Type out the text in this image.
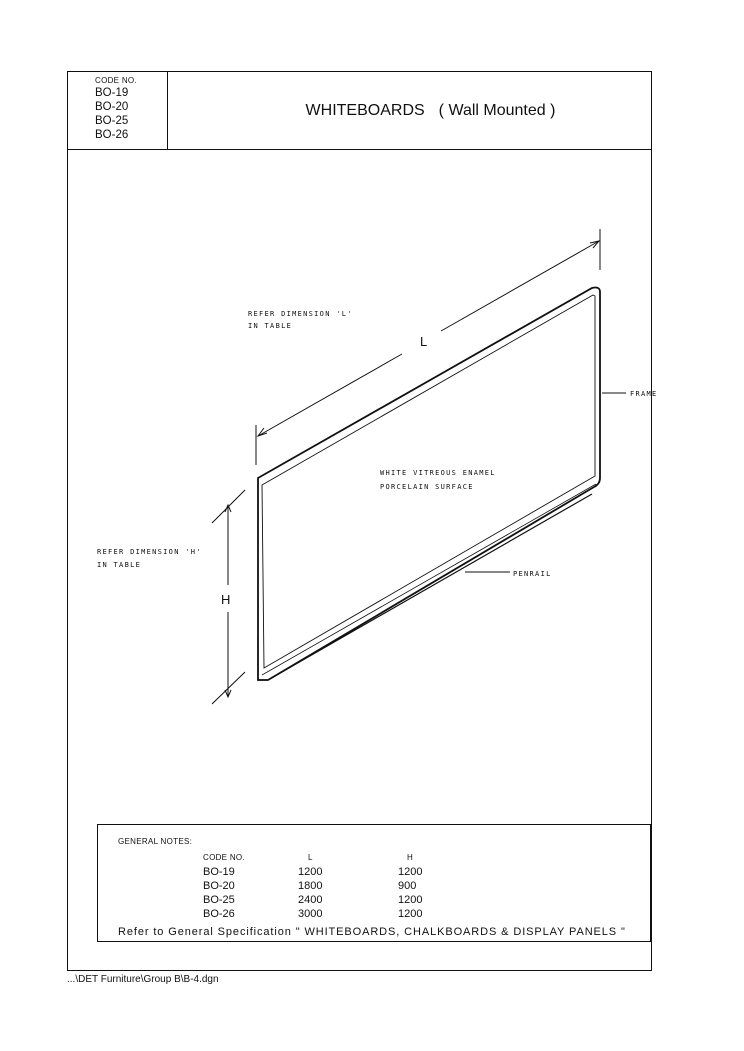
CODE NO.
BO-19
BO-20
BO-25
BO-26
WHITEBOARDS ( Wall Mounted )
L
H
REFER DIMENSION 'L'
IN TABLE
WHITE VITREOUS ENAMEL
PORCELAIN SURFACE
FRAME
PENRAIL
REFER DIMENSION 'H'
IN TABLE
GENERAL NOTES:
CODE NO.	L	H
BO-19	1200	1200
BO-20	1800	900
BO-25	2400	1200
BO-26	3000	1200
Refer to General Specification " WHITEBOARDS, CHALKBOARDS & DISPLAY PANELS "
...\DET Furniture\Group B\B-4.dgn
